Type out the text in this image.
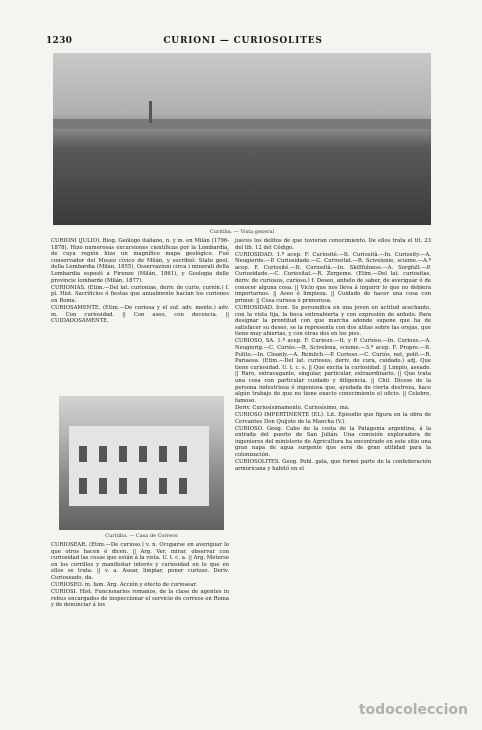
1230	CURIONI — CURIOSOLITES
Curitiba. — Vista general

CURIONI (JULIO). Biog. Geólogo italiano, n. y m. en Milán (1796-1878). Hizo numerosas excursiones científicas por la Lombardía, de cuya región hizo un magnífico mapa geológico. Fué conservador del Museo cívico de Milán, y escribió: Stato geol. della Lombardia (Milán, 1855), Osservazioni circa i minerali della Lombardia esposti a Firenze (Milán, 1861), y Geologia delle provincie lombarde (Milán, 1877).

CURIONIAS. (Etim.—Del lat. curioniae, deriv. de curio, curión.) f. pl. Hist. Sacrificios ó fiestas que anualmente hacían los curiones en Roma.

CURIOSAMENTE. (Etim.—De curiosa y el suf. adv. mente.) adv. m. Con curiosidad. || Con aseo, con decencia. || CUIDADOSAMENTE.

Curitiba. — Casa de Correos

CURIOSEAR. (Etim.—De curioso.) v. n. Ocuparse en averiguar lo que otros hacen ó dicen. || Arg. Ver, mirar, observar con curiosidad las cosas que están á la vista. U. t. c. a. || Arg. Meterse en los corrillos y manifestar interés y curiosidad en lo que en ellos se trata. || v. a. Asear, limpiar, poner curioso. Deriv. Curioseado, da.

CURIOSEO. m. fam. Arg. Acción y efecto de curiosear.

CURIOSI. Hist. Funcionarios romanos, de la clase de agentes in rebus encargados de inspeccionar el servicio de correos en Roma y de denunciar á los

jueces los delitos de que tuvieran conocimiento. De ellos trata el tít. 23 del lib. 12 del Código.

CURIOSIDAD. 1.ª acep. F. Curiosité.—It. Curiosità.—In. Curiosity.—A. Neugierde.—P. Curiosidade.—C. Curiositat.—R. Scivelenie, scieme.—A.ª acep. F. Curiosité.—It. Curiosità.—In. Skillfulness.—A. Sorgfalt.—P. Curiosidade.—C. Curiositat.—R. Zergeme. (Etim.—Del lat. curiositas, deriv. de curiosus, curioso.) f. Deseo, anhelo de saber, de averiguar ó de conocer alguna cosa. || Vicio que nos lleva á inquirir lo que no debiera importarnos. || Aseo ó limpieza. || Cuidado de hacer una cosa con primor. || Cosa curiosa ó primorosa.

CURIOSIDAD. Icon. Se personifica en una joven en actitud acechante, con la vista fija, la boca entreabierta y con expresión de anhelo. Para designar la prontitud con que marcha adonde supone que ha de satisfacer su deseo, se la representa con dos alitas sobre las orejas, que tiene muy abiertas, y con otras dos en los pies.

CURIOSO, SA. 1.ª acep. F. Curieux.—It. y P. Curioso.—In. Curious.—A. Neugierig.—C. Curiós.—R. Scivelena, scieme.—3.ª acep. F. Propre.—It. Pulito.—In. Cleanly.—A. Reinlich.—P. Curioso.—C. Curiós, net, polit.—R. Pariaesa. (Etim.—Del lat. curiosus, deriv. de cura, cuidado.) adj. Que tiene curiosidad. U. t. c. s. || Que excita la curiosidad. || Limpio, aseado. || Raro, extravagante, singular, particular, extraordinario. || Que trata una cosa con particular cuidado y diligencia. || Chil. Dícese de la persona industriosa ó ingeniosa que, ayudada de cierta destreza, hace algún trabajo de que no tiene exacto conocimiento el oficio. || Celebre, famoso.

Deriv. Curiosísimamente. Curiosísimo, ma.

CURIOSO IMPERTINENTE (EL). Lit. Episodio que figura en la obra de Cervantes Don Quijote de la Mancha (V.).

CURIOSO. Geog. Cabo de la costa de la Patagonia argentina, á la entrada del puerto de San Julián. Una comisión exploradora de ingenieros del ministerio de Agricultura ha encontrado en este sitio una gran napa de agua surgente que será de gran utilidad para la colonización.

CURIOSOLITES. Geog. Pobl. gala, que formó parte de la confederación armoricana y habitó en el

todocoleccion
